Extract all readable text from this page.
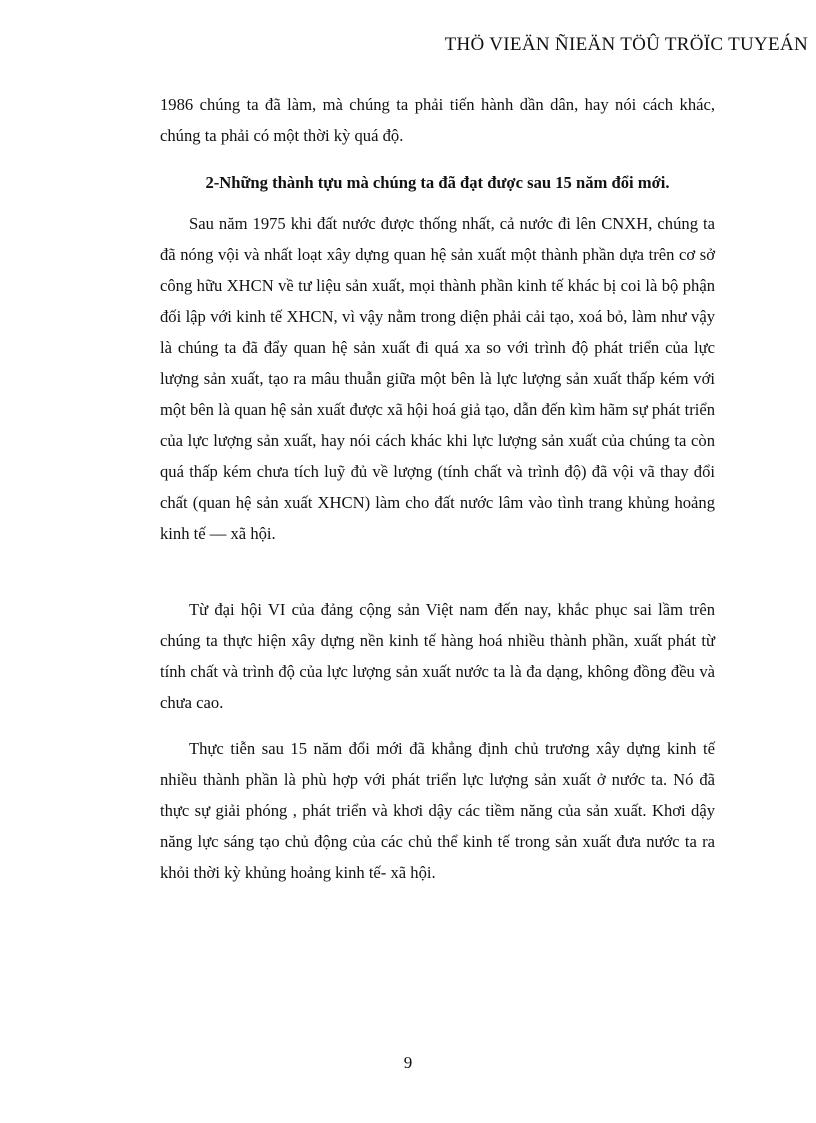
THÖ VIEÄN ÑIEÄN TÖÛ TRÖÏC TUYEÁN

1986 chúng ta đã làm, mà chúng ta phải tiến hành dần dân, hay nói cách khác, chúng ta phải có một thời kỳ quá độ.

2-Những thành tựu mà chúng ta đã đạt được sau 15 năm đổi mới.

Sau năm 1975 khi đất nước được thống nhất, cả nước đi lên CNXH, chúng ta đã nóng vội và nhất loạt xây dựng quan hệ sản xuất một thành phần dựa trên cơ sở công hữu XHCN về tư liệu sản xuất, mọi thành phần kinh tế khác bị coi là bộ phận đối lập với kinh tế XHCN, vì vậy nằm trong diện phải cải tạo, xoá bỏ, làm như vậy là chúng ta đã đẩy quan hệ sản xuất đi quá xa so với trình độ phát triển của lực lượng sản xuất, tạo ra mâu thuẫn giữa một bên là lực lượng sản xuất thấp kém với một bên là quan hệ sản xuất được xã hội hoá giả tạo, dẫn đến kìm hãm sự phát triển của lực lượng sản xuất, hay nói cách khác khi lực lượng sản xuất của chúng ta còn quá thấp kém chưa tích luỹ đủ về lượng (tính chất và trình độ) đã vội vã thay đổi chất (quan hệ sản xuất XHCN) làm cho đất nước lâm vào tình trang khủng hoảng kinh tế — xã hội.

Từ đại hội VI của đảng cộng sản Việt nam đến nay, khắc phục sai lầm trên chúng ta thực hiện xây dựng nền kinh tế hàng hoá nhiều thành phần, xuất phát từ tính chất và trình độ của lực lượng sản xuất nước ta là đa dạng, không đồng đều và chưa cao.

Thực tiễn sau 15 năm đổi mới đã khẳng định chủ trương xây dựng kinh tế nhiều thành phần là phù hợp với phát triển lực lượng sản xuất ở nước ta. Nó đã thực sự giải phóng , phát triển và khơi dậy các tiềm năng của sản xuất. Khơi dậy năng lực sáng tạo chủ động của các chủ thể kinh tế trong sản xuất đưa nước ta ra khỏi thời kỳ khủng hoảng kinh tế- xã hội.

9
